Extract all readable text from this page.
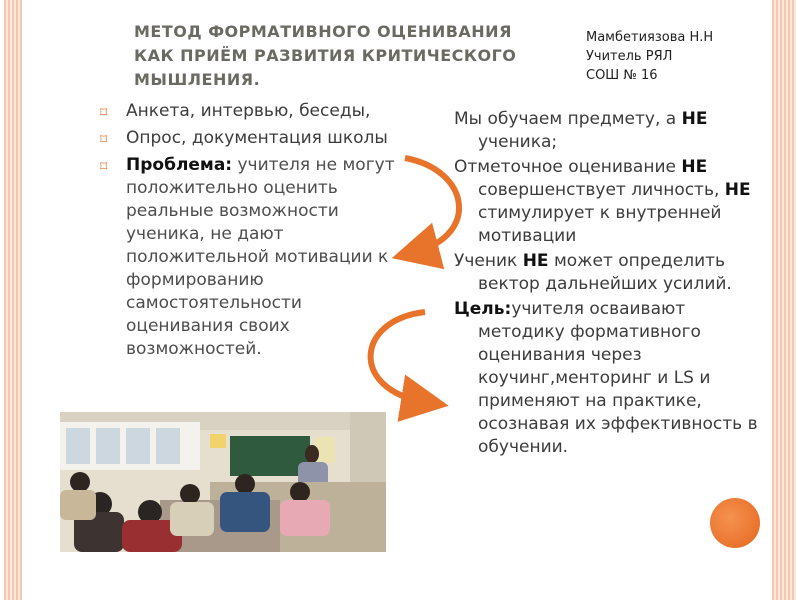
МЕТОД ФОРМАТИВНОГО ОЦЕНИВАНИЯ
КАК ПРИЁМ РАЗВИТИЯ КРИТИЧЕСКОГО
МЫШЛЕНИЯ.
Мамбетиязова Н.Н
Учитель РЯЛ
СОШ № 16
⌑ Анкета, интервью, беседы,
⌑ Опрос, документация школы
⌑ Проблема: учителя не могут положительно оценить реальные возможности ученика, не дают положительной мотивации к формированию самостоятельности оценивания своих возможностей.
Мы обучаем предмету, а НЕ ученика;
Отметочное оценивание НЕ совершенствует личность, НЕ стимулирует к внутренней мотивации
Ученик НЕ может определить вектор дальнейших усилий.
Цель:учителя осваивают методику формативного оценивания через коучинг,менторинг и LS и применяют на практике, осознавая их эффективность в обучении.
